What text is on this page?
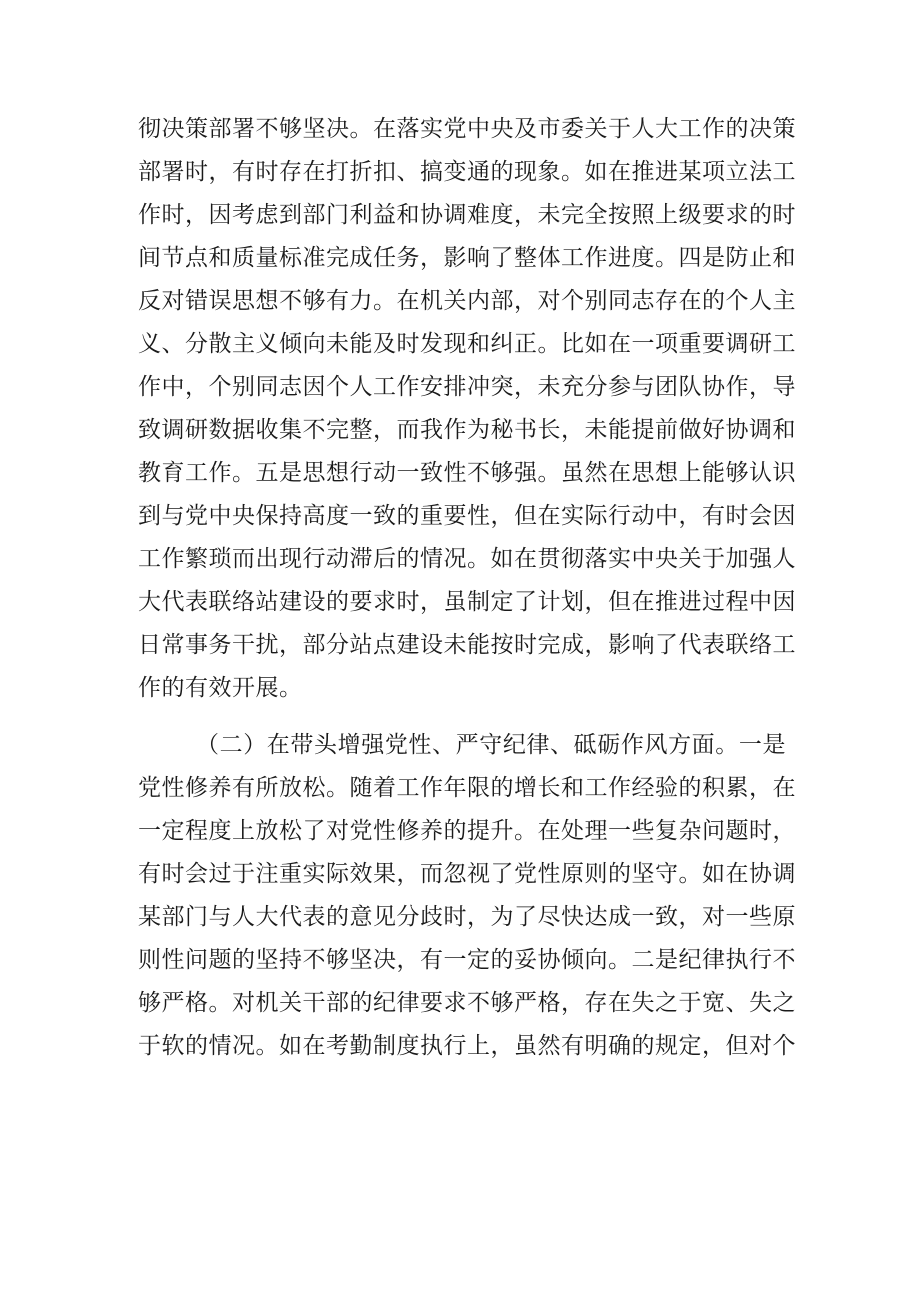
彻决策部署不够坚决。在落实党中央及市委关于人大工作的决策
部署时，有时存在打折扣、搞变通的现象。如在推进某项立法工
作时，因考虑到部门利益和协调难度，未完全按照上级要求的时
间节点和质量标准完成任务，影响了整体工作进度。四是防止和
反对错误思想不够有力。在机关内部，对个别同志存在的个人主
义、分散主义倾向未能及时发现和纠正。比如在一项重要调研工
作中，个别同志因个人工作安排冲突，未充分参与团队协作，导
致调研数据收集不完整，而我作为秘书长，未能提前做好协调和
教育工作。五是思想行动一致性不够强。虽然在思想上能够认识
到与党中央保持高度一致的重要性，但在实际行动中，有时会因
工作繁琐而出现行动滞后的情况。如在贯彻落实中央关于加强人
大代表联络站建设的要求时，虽制定了计划，但在推进过程中因
日常事务干扰，部分站点建设未能按时完成，影响了代表联络工
作的有效开展。
（二）在带头增强党性、严守纪律、砥砺作风方面。一是
党性修养有所放松。随着工作年限的增长和工作经验的积累，在
一定程度上放松了对党性修养的提升。在处理一些复杂问题时，
有时会过于注重实际效果，而忽视了党性原则的坚守。如在协调
某部门与人大代表的意见分歧时，为了尽快达成一致，对一些原
则性问题的坚持不够坚决，有一定的妥协倾向。二是纪律执行不
够严格。对机关干部的纪律要求不够严格，存在失之于宽、失之
于软的情况。如在考勤制度执行上，虽然有明确的规定，但对个
